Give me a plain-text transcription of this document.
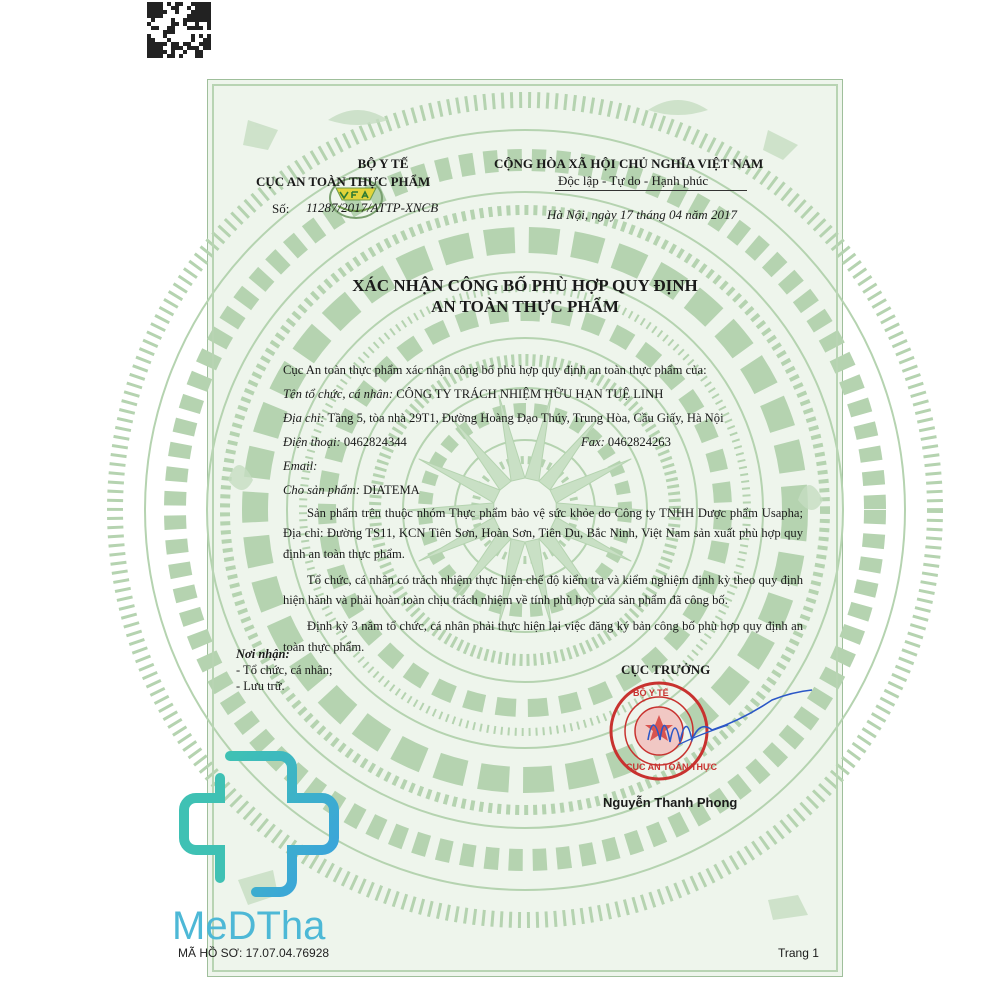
BỘ Y TẾ
CỤC AN TOÀN THỰC PHẨM
Số: 11287/2017/ATTP-XNCB
CỘNG HÒA XÃ HỘI CHỦ NGHĨA VIỆT NAM
Độc lập - Tự do - Hạnh phúc
Hà Nội, ngày 17 tháng 04 năm 2017
XÁC NHẬN CÔNG BỐ PHÙ HỢP QUY ĐỊNH
AN TOÀN THỰC PHẨM
Cục An toàn thực phẩm xác nhận công bố phù hợp quy định an toàn thực phẩm của:
Tên tổ chức, cá nhân: CÔNG TY TRÁCH NHIỆM HỮU HẠN TUỆ LINH
Địa chỉ: Tầng 5, tòa nhà 29T1, Đường Hoàng Đạo Thúy, Trung Hòa, Cầu Giấy, Hà Nội
Điện thoại: 0462824344	Fax: 0462824263
Email:
Cho sản phẩm: DIATEMA

Sản phẩm trên thuộc nhóm Thực phẩm bảo vệ sức khỏe do Công ty TNHH Dược phẩm Usapha; Địa chỉ: Đường TS11, KCN Tiên Sơn, Hoàn Sơn, Tiên Du, Bắc Ninh, Việt Nam sản xuất phù hợp quy định an toàn thực phẩm.

Tổ chức, cá nhân có trách nhiệm thực hiện chế độ kiểm tra và kiểm nghiệm định kỳ theo quy định hiện hành và phải hoàn toàn chịu trách nhiệm về tính phù hợp của sản phẩm đã công bố.

Định kỳ 3 năm tổ chức, cá nhân phải thực hiện lại việc đăng ký bản công bố phù hợp quy định an toàn thực phẩm.

Nơi nhận:
- Tổ chức, cá nhân;
- Lưu trữ.
CỤC TRƯỞNG
BỘ Y TẾ
CỤC AN TOÀN THỰC
Nguyễn Thanh Phong
MÃ HỒ SƠ: 17.07.04.76928	Trang 1
MeDTha
